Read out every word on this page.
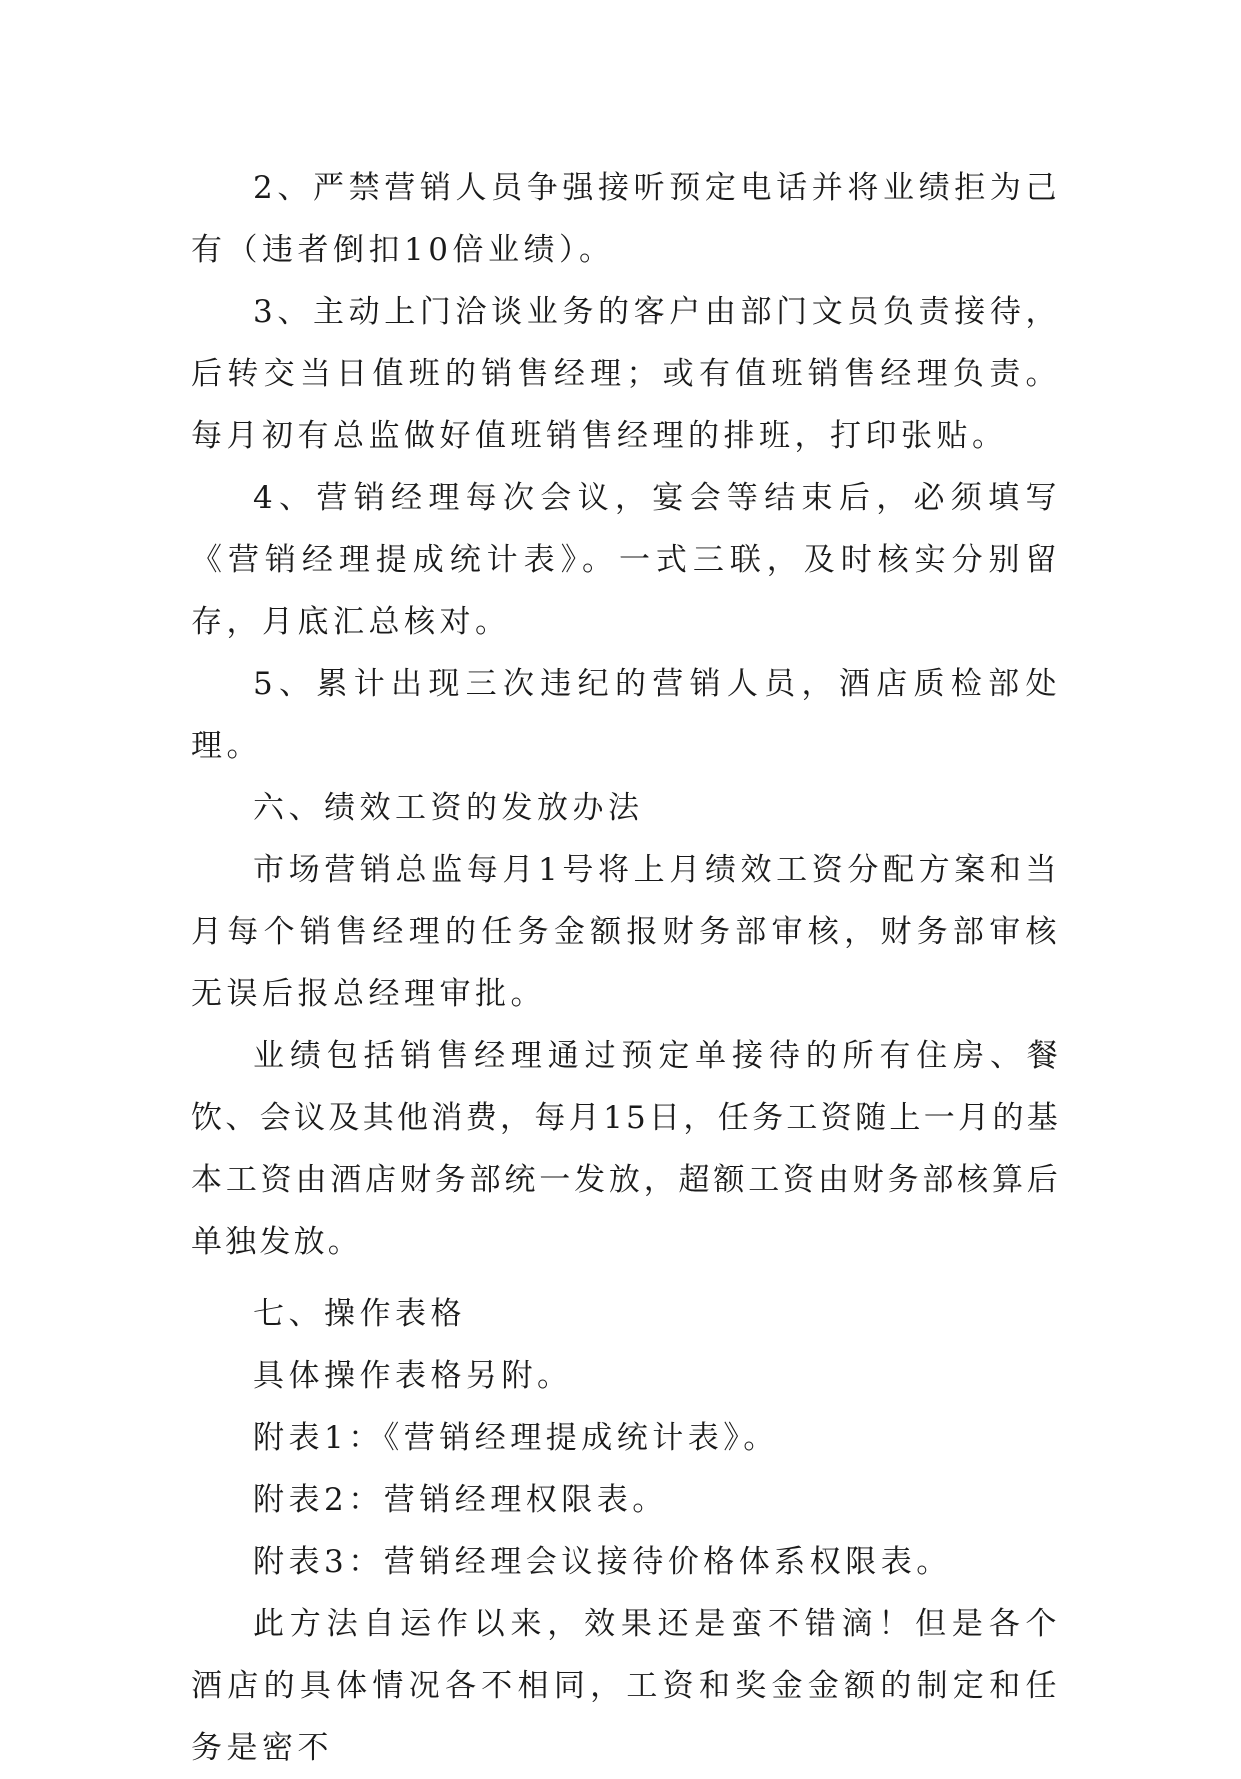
2、严禁营销人员争强接听预定电话并将业绩拒为己有（违者倒扣10倍业绩）。

3、主动上门洽谈业务的客户由部门文员负责接待，后转交当日值班的销售经理；或有值班销售经理负责。每月初有总监做好值班销售经理的排班，打印张贴。

4、营销经理每次会议，宴会等结束后，必须填写《营销经理提成统计表》。一式三联，及时核实分别留存，月底汇总核对。

5、累计出现三次违纪的营销人员，酒店质检部处理。

六、绩效工资的发放办法

市场营销总监每月1号将上月绩效工资分配方案和当月每个销售经理的任务金额报财务部审核，财务部审核无误后报总经理审批。

业绩包括销售经理通过预定单接待的所有住房、餐饮、会议及其他消费，每月15日，任务工资随上一月的基本工资由酒店财务部统一发放，超额工资由财务部核算后单独发放。

七、操作表格

具体操作表格另附。

附表1：《营销经理提成统计表》。

附表2：营销经理权限表。

附表3：营销经理会议接待价格体系权限表。

此方法自运作以来，效果还是蛮不错滴！但是各个酒店的具体情况各不相同，工资和奖金金额的制定和任务是密不
